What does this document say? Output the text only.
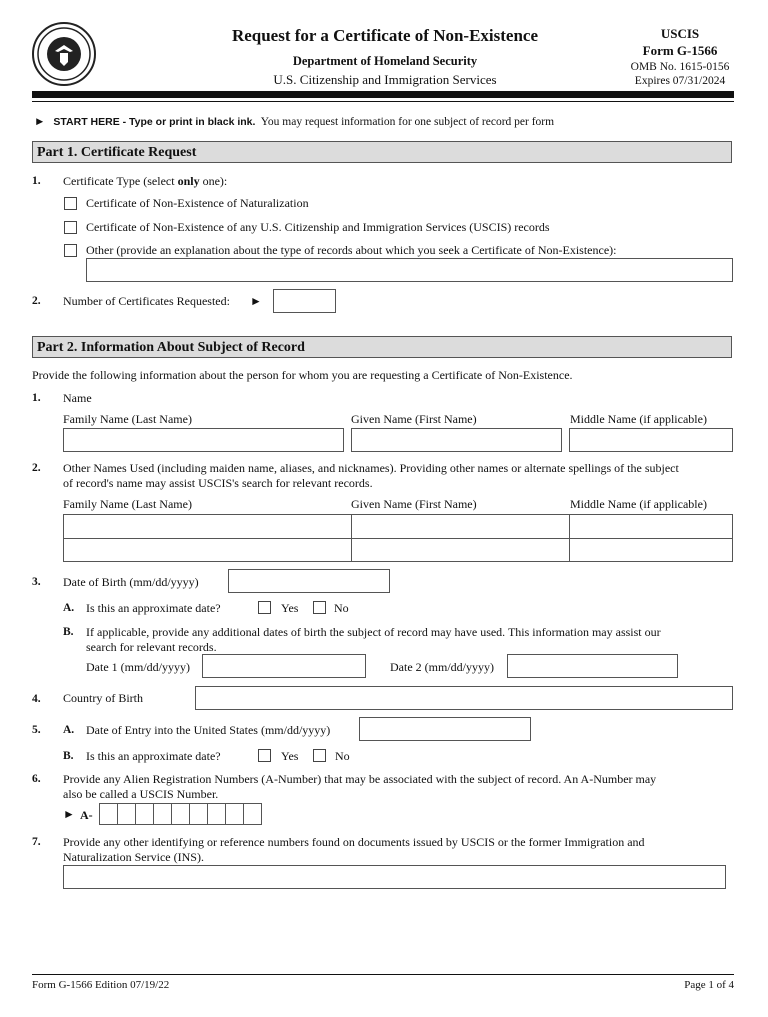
Request for a Certificate of Non-Existence
Department of Homeland Security
U.S. Citizenship and Immigration Services
USCIS
Form G-1566
OMB No. 1615-0156
Expires 07/31/2024
► START HERE - Type or print in black ink. You may request information for one subject of record per form
Part 1. Certificate Request
1. Certificate Type (select only one):
Certificate of Non-Existence of Naturalization
Certificate of Non-Existence of any U.S. Citizenship and Immigration Services (USCIS) records
Other (provide an explanation about the type of records about which you seek a Certificate of Non-Existence):
2. Number of Certificates Requested: ►
Part 2. Information About Subject of Record
Provide the following information about the person for whom you are requesting a Certificate of Non-Existence.
1. Name
Family Name (Last Name)	Given Name (First Name)	Middle Name (if applicable)
2. Other Names Used (including maiden name, aliases, and nicknames). Providing other names or alternate spellings of the subject
of record's name may assist USCIS's search for relevant records.
Family Name (Last Name)	Given Name (First Name)	Middle Name (if applicable)
3. Date of Birth (mm/dd/yyyy)
A. Is this an approximate date?	Yes	No
B. If applicable, provide any additional dates of birth the subject of record may have used. This information may assist our
search for relevant records.
Date 1 (mm/dd/yyyy)	Date 2 (mm/dd/yyyy)
4. Country of Birth
5. A. Date of Entry into the United States (mm/dd/yyyy)
B. Is this an approximate date?	Yes	No
6. Provide any Alien Registration Numbers (A-Number) that may be associated with the subject of record. An A-Number may
also be called a USCIS Number.
► A-
7. Provide any other identifying or reference numbers found on documents issued by USCIS or the former Immigration and
Naturalization Service (INS).
Form G-1566 Edition 07/19/22	Page 1 of 4
